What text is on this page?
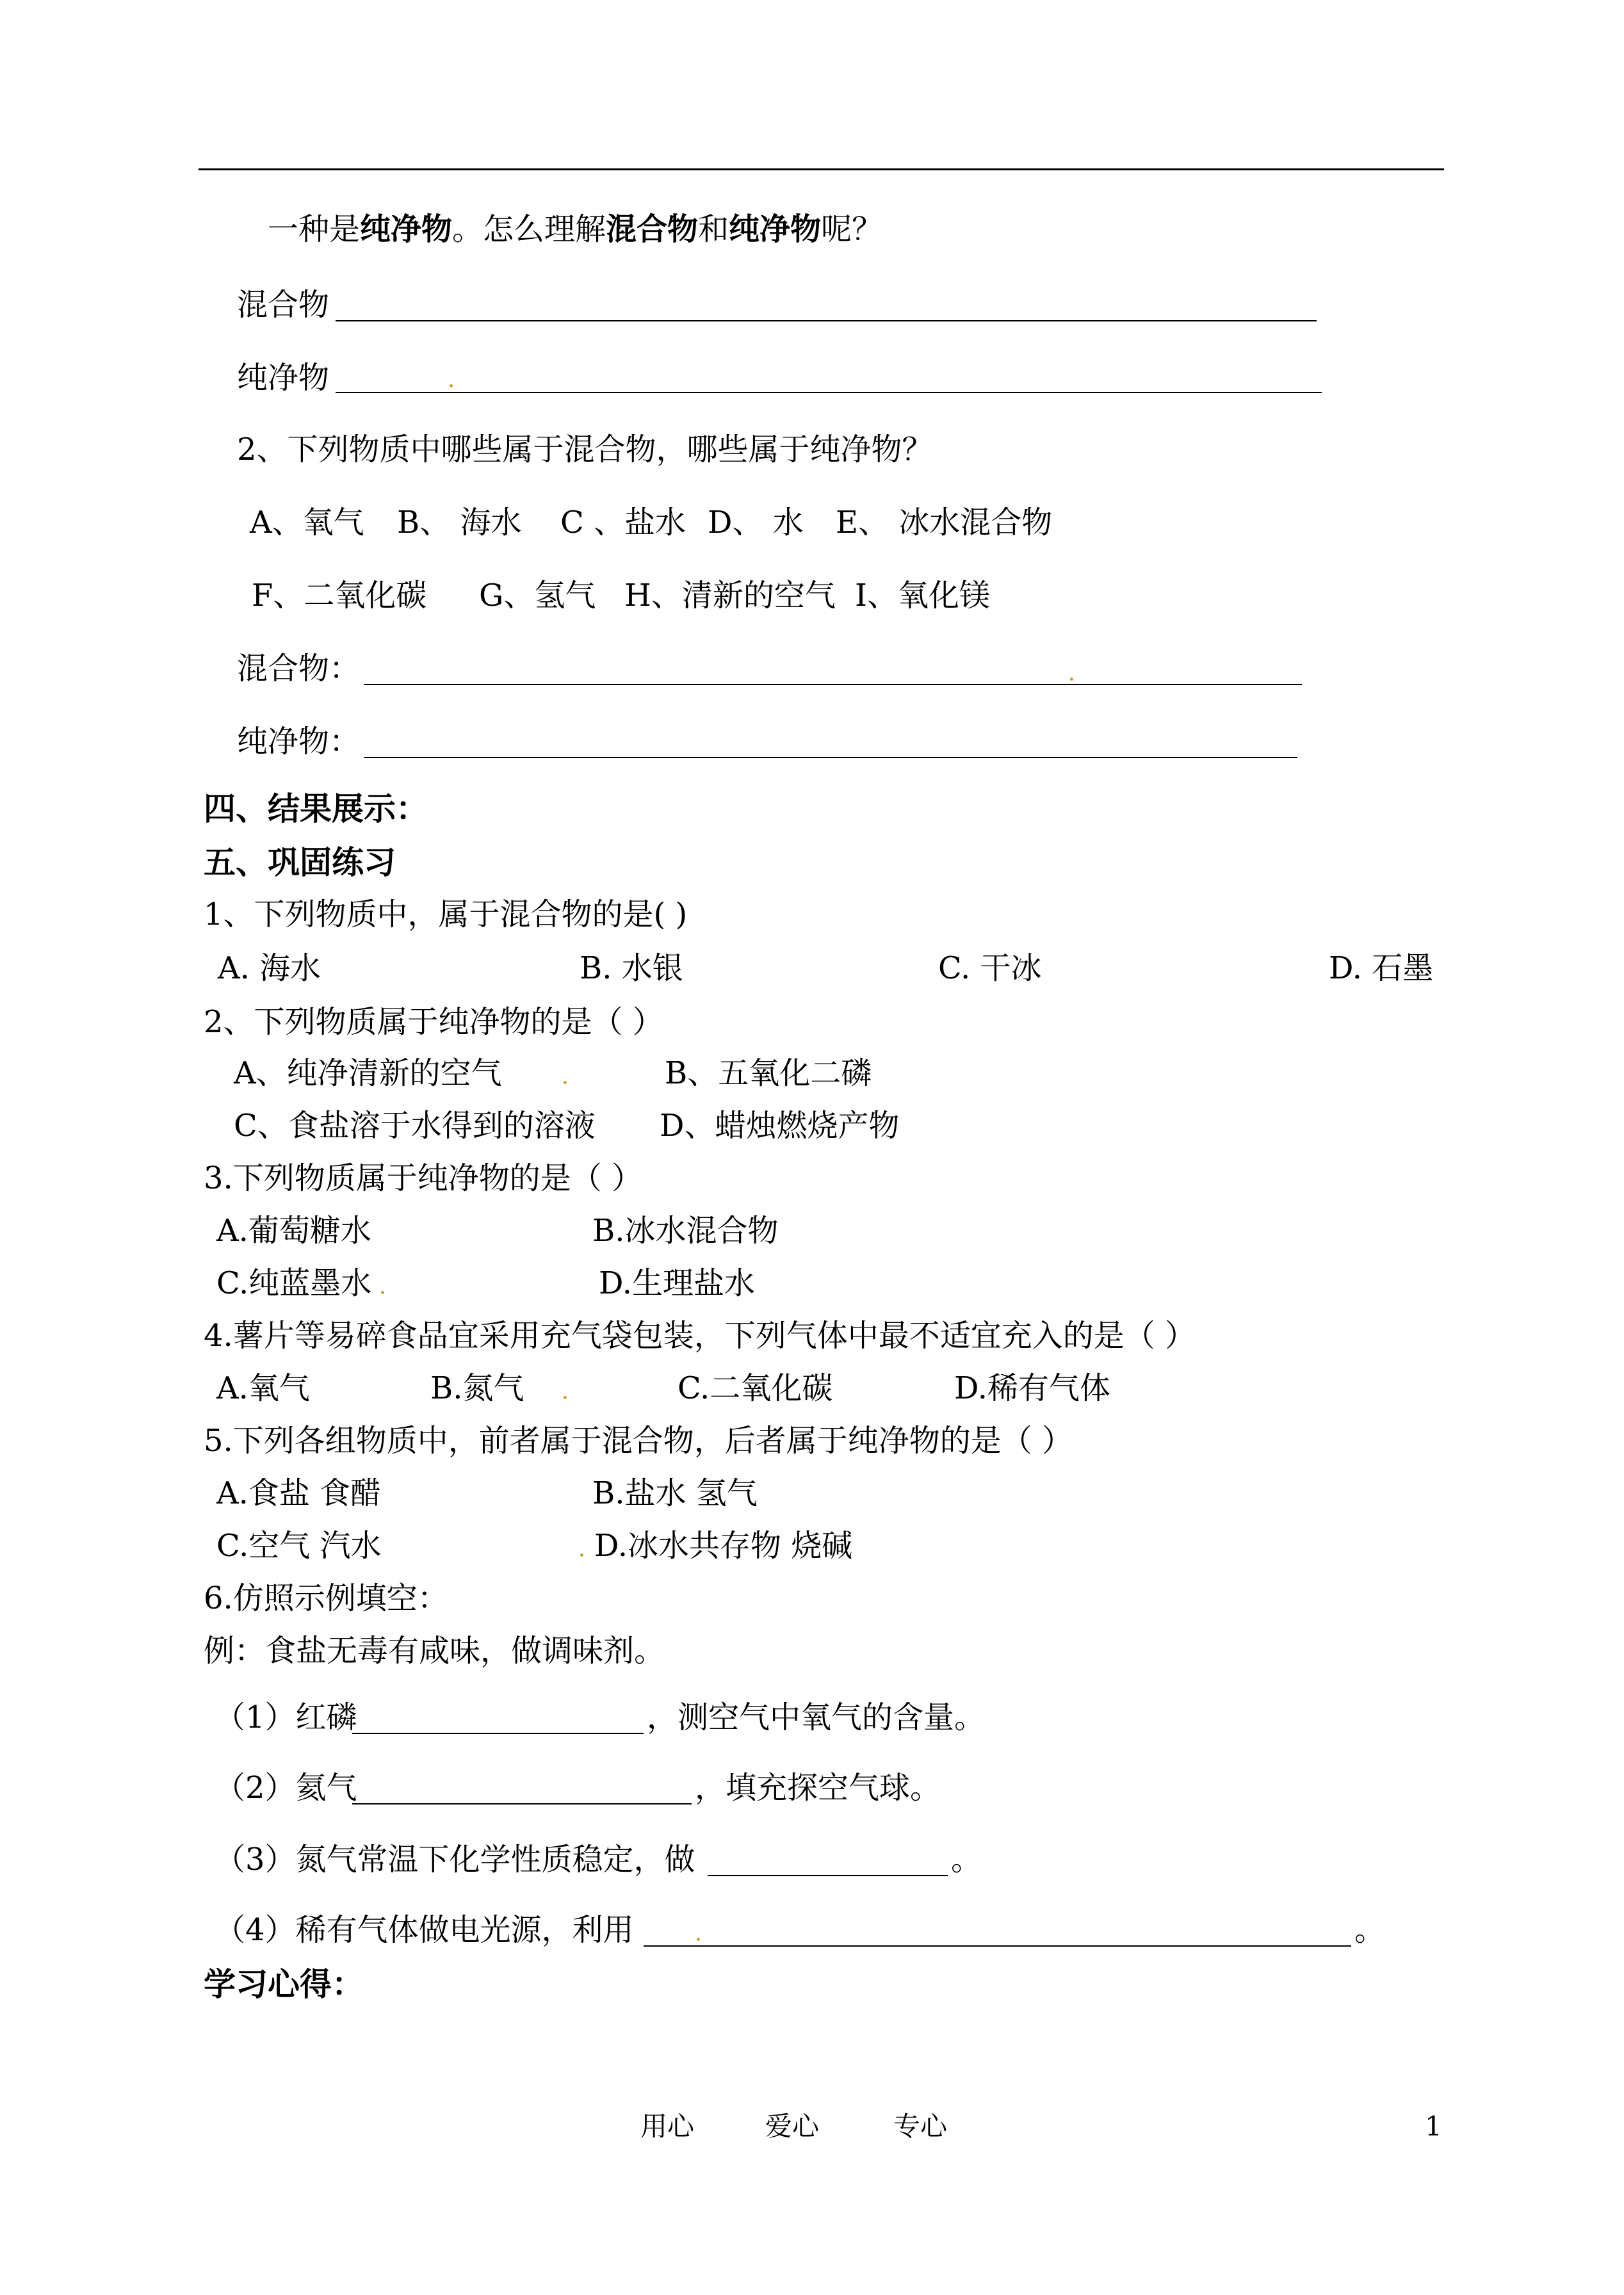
一种是纯净物。怎么理解混合物和纯净物呢？
混合物
纯净物
2、下列物质中哪些属于混合物，哪些属于纯净物？
A、氧气 B、 海水 C 、盐水 D、 水 E、 冰水混合物
F、二氧化碳 G、氢气 H、清新的空气 I、氧化镁
混合物：
纯净物：
四、结果展示：
五、巩固练习
1、下列物质中，属于混合物的是( )
A. 海水	B. 水银	C. 干冰	D. 石墨
2、下列物质属于纯净物的是（ ）
A、纯净清新的空气	B、五氧化二磷
C、食盐溶于水得到的溶液 D、蜡烛燃烧产物
3.下列物质属于纯净物的是（ ）
A.葡萄糖水	B.冰水混合物
C.纯蓝墨水	D.生理盐水
4.薯片等易碎食品宜采用充气袋包装，下列气体中最不适宜充入的是（ ）
A.氧气	B.氮气	C.二氧化碳	D.稀有气体
5.下列各组物质中，前者属于混合物，后者属于纯净物的是（ ）
A.食盐 食醋	B.盐水 氢气
C.空气 汽水	D.冰水共存物 烧碱
6.仿照示例填空：
例：食盐无毒有咸味，做调味剂。
（1）红磷	，测空气中氧气的含量。
（2）氦气	，填充探空气球。
（3）氮气常温下化学性质稳定，做	。
（4）稀有气体做电光源，利用	。
学习心得：
用心	爱心	专心	1
